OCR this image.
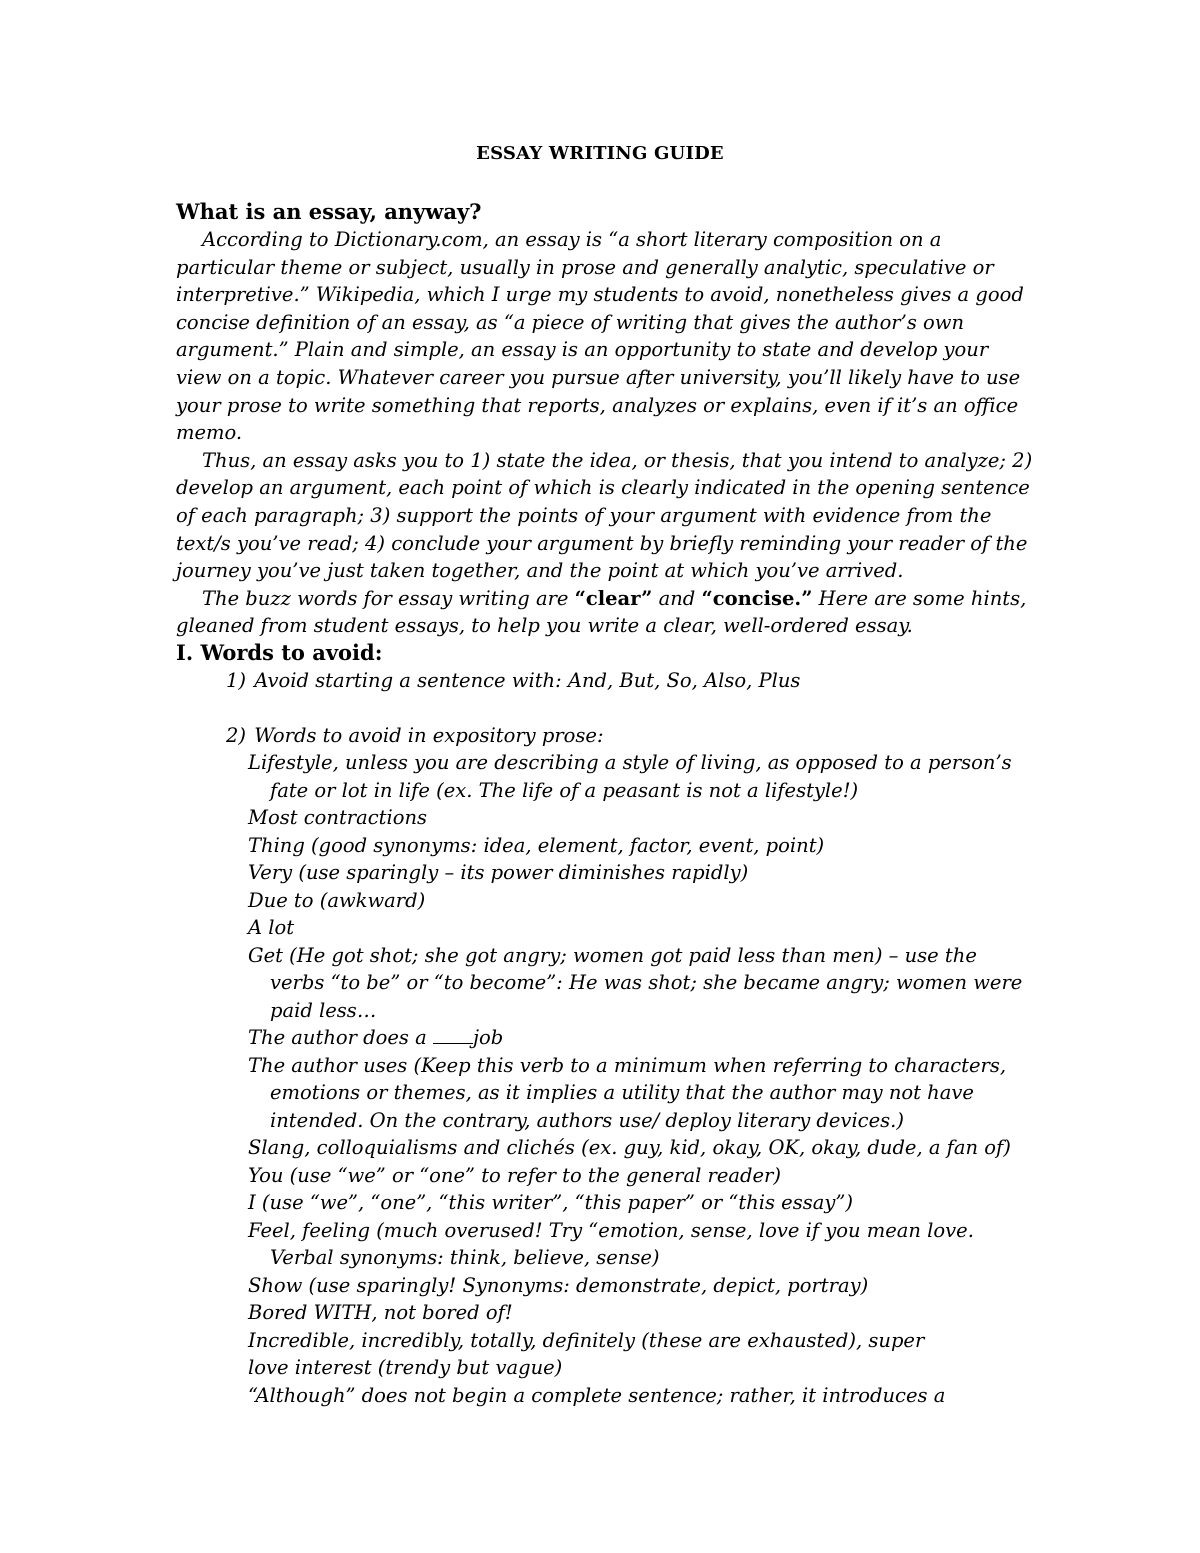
ESSAY WRITING GUIDE
What is an essay, anyway?

According to Dictionary.com, an essay is “a short literary composition on a particular theme or subject, usually in prose and generally analytic, speculative or interpretive.” Wikipedia, which I urge my students to avoid, nonetheless gives a good concise definition of an essay, as “a piece of writing that gives the author’s own argument.” Plain and simple, an essay is an opportunity to state and develop your view on a topic. Whatever career you pursue after university, you’ll likely have to use your prose to write something that reports, analyzes or explains, even if it’s an office memo.

Thus, an essay asks you to 1) state the idea, or thesis, that you intend to analyze; 2) develop an argument, each point of which is clearly indicated in the opening sentence of each paragraph; 3) support the points of your argument with evidence from the text/s you’ve read; 4) conclude your argument by briefly reminding your reader of the journey you’ve just taken together, and the point at which you’ve arrived.

The buzz words for essay writing are “clear” and “concise.” Here are some hints, gleaned from student essays, to help you write a clear, well-ordered essay.

I. Words to avoid:
1) Avoid starting a sentence with: And, But, So, Also, Plus
2) Words to avoid in expository prose:
Lifestyle, unless you are describing a style of living, as opposed to a person’s fate or lot in life (ex. The life of a peasant is not a lifestyle!)
Most contractions
Thing (good synonyms: idea, element, factor, event, point)
Very (use sparingly – its power diminishes rapidly)
Due to (awkward)
A lot
Get (He got shot; she got angry; women got paid less than men) – use the verbs “to be” or “to become”: He was shot; she became angry; women were paid less…
The author does a job
The author uses (Keep this verb to a minimum when referring to characters, emotions or themes, as it implies a utility that the author may not have intended. On the contrary, authors use/ deploy literary devices.)
Slang, colloquialisms and clichés (ex. guy, kid, okay, OK, okay, dude, a fan of)
You (use “we” or “one” to refer to the general reader)
I (use “we”, “one”, “this writer”, “this paper” or “this essay”)
Feel, feeling (much overused! Try “emotion, sense, love if you mean love. Verbal synonyms: think, believe, sense)
Show (use sparingly! Synonyms: demonstrate, depict, portray)
Bored WITH, not bored of!
Incredible, incredibly, totally, definitely (these are exhausted), super
love interest (trendy but vague)
“Although” does not begin a complete sentence; rather, it introduces a
